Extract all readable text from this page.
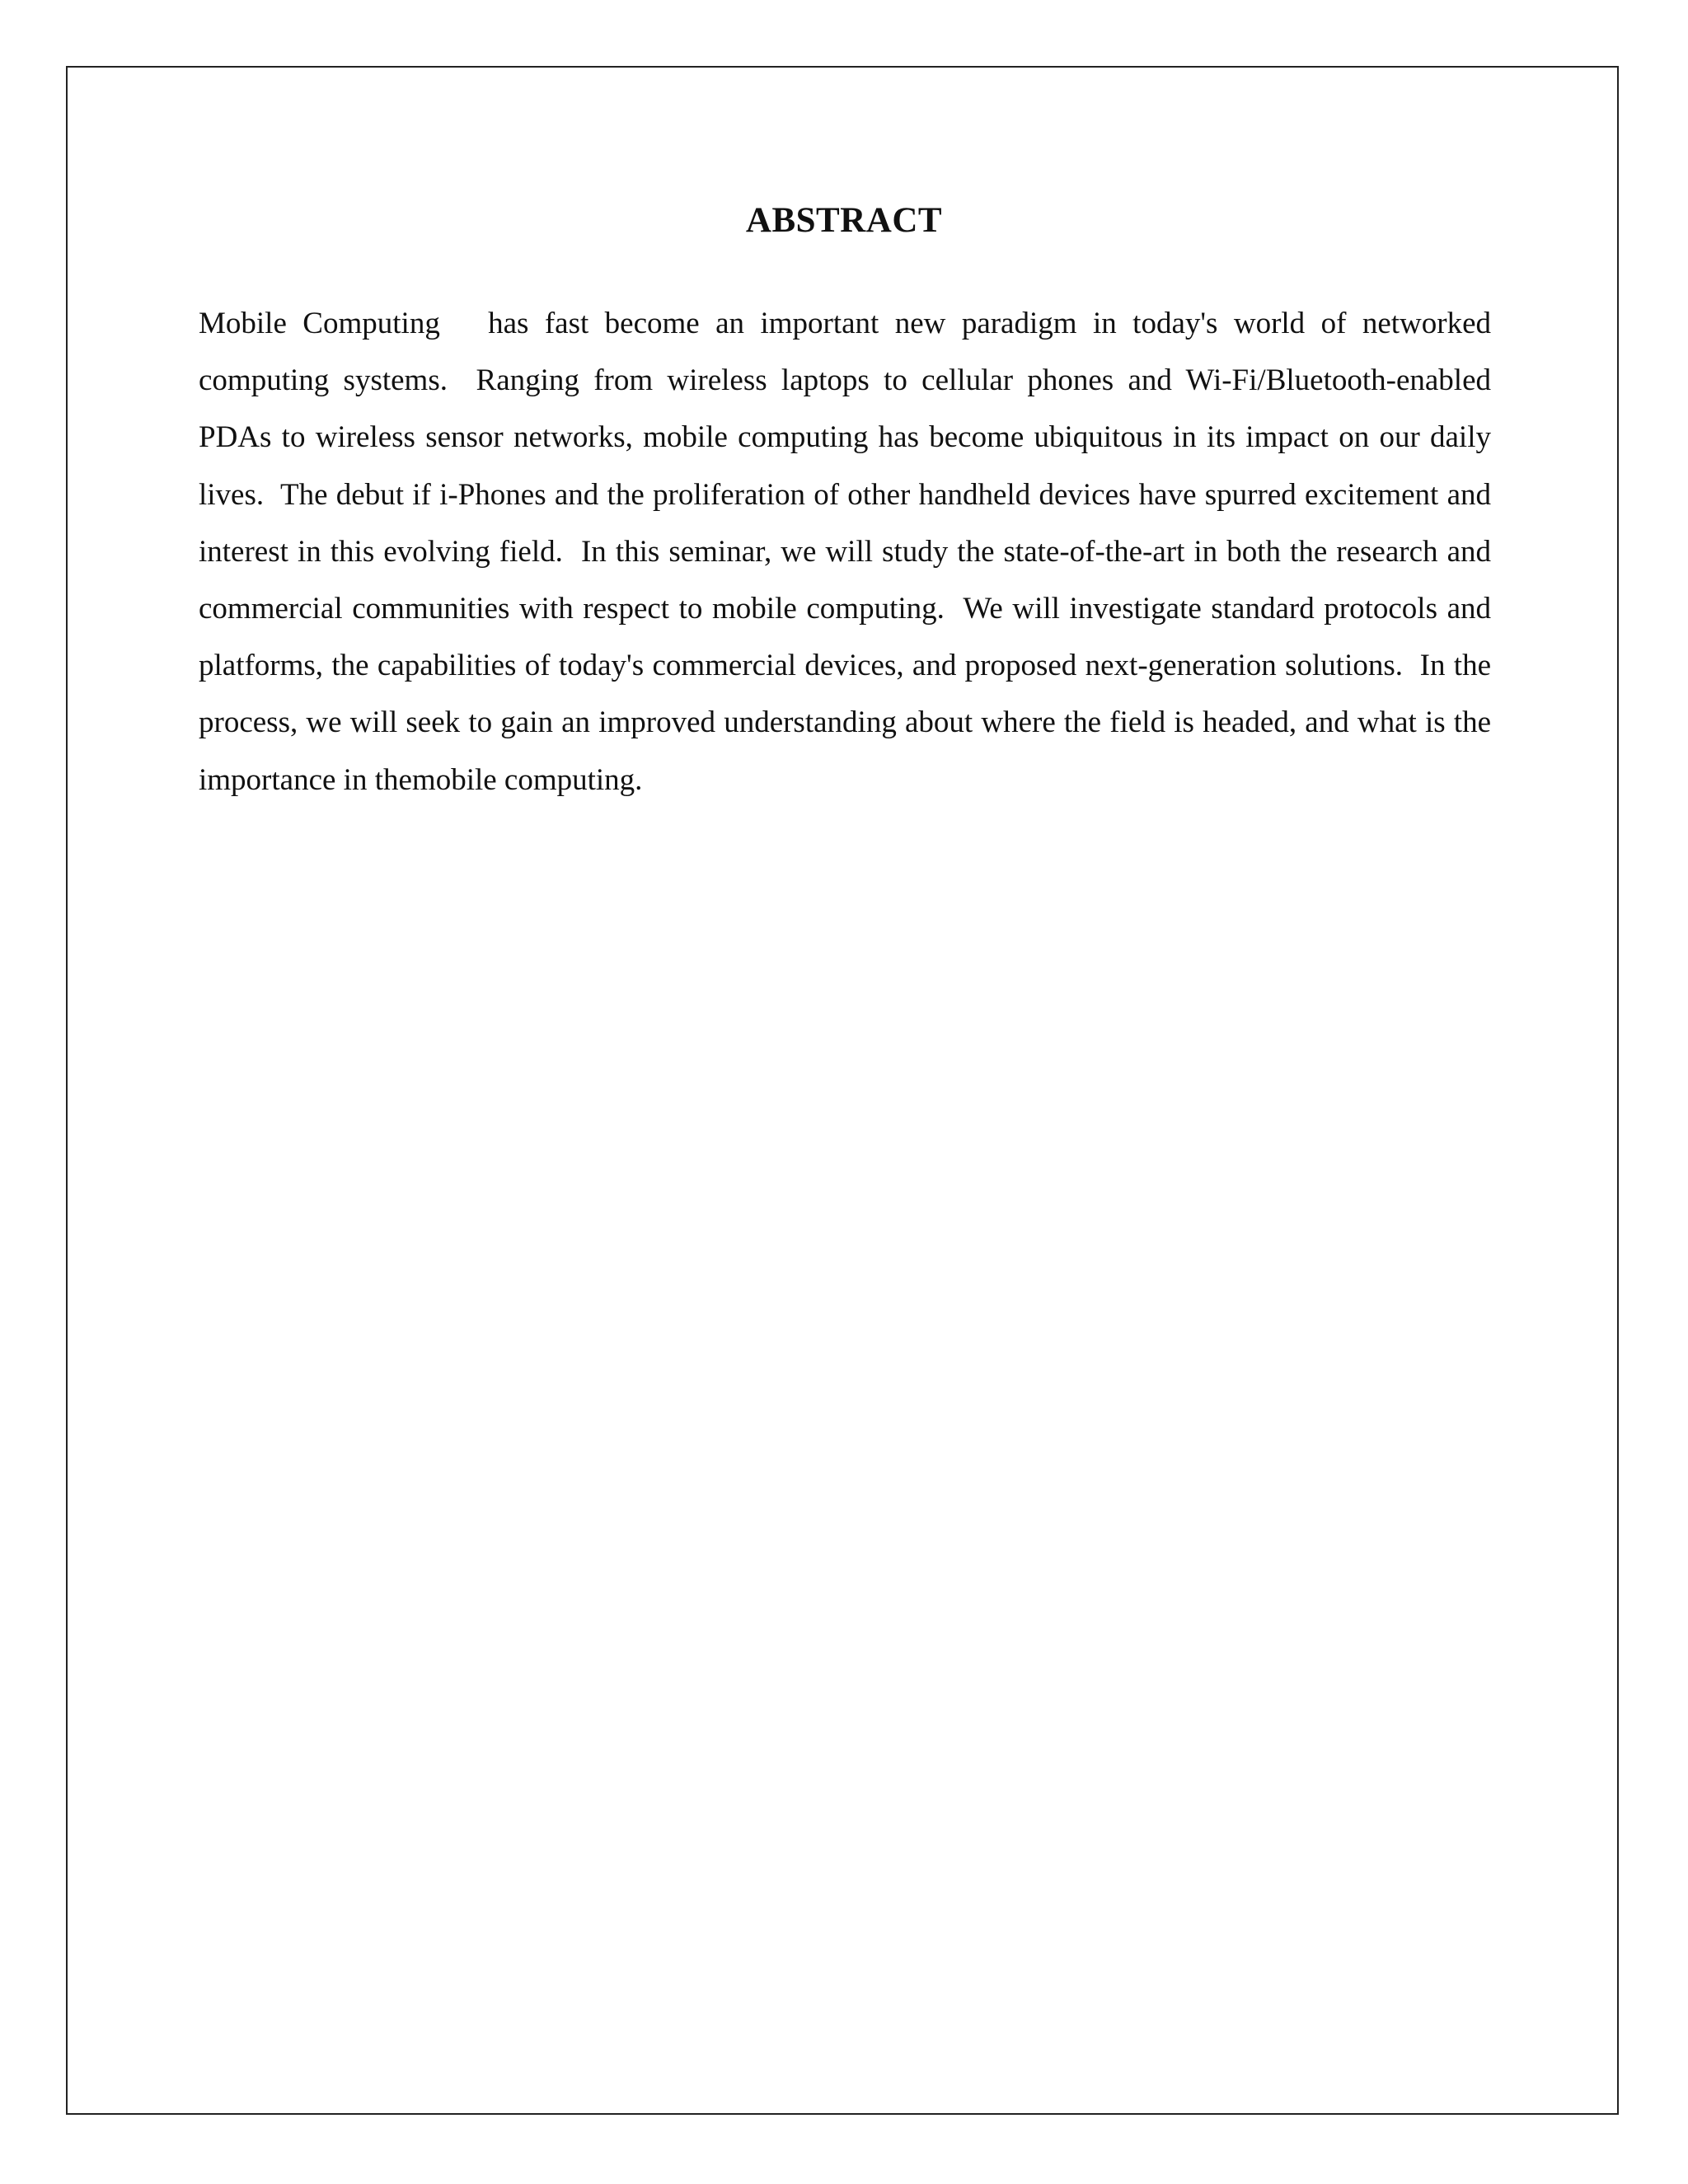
ABSTRACT

Mobile Computing   has fast become an important new paradigm in today's world of networked computing systems.  Ranging from wireless laptops to cellular phones and Wi-Fi/Bluetooth-enabled PDAs to wireless sensor networks, mobile computing has become ubiquitous in its impact on our daily lives.  The debut if i-Phones and the proliferation of other handheld devices have spurred excitement and interest in this evolving field.  In this seminar, we will study the state-of-the-art in both the research and commercial communities with respect to mobile computing.  We will investigate standard protocols and platforms, the capabilities of today's commercial devices, and proposed next-generation solutions.  In the process, we will seek to gain an improved understanding about where the field is headed, and what is the importance in themobile computing.
